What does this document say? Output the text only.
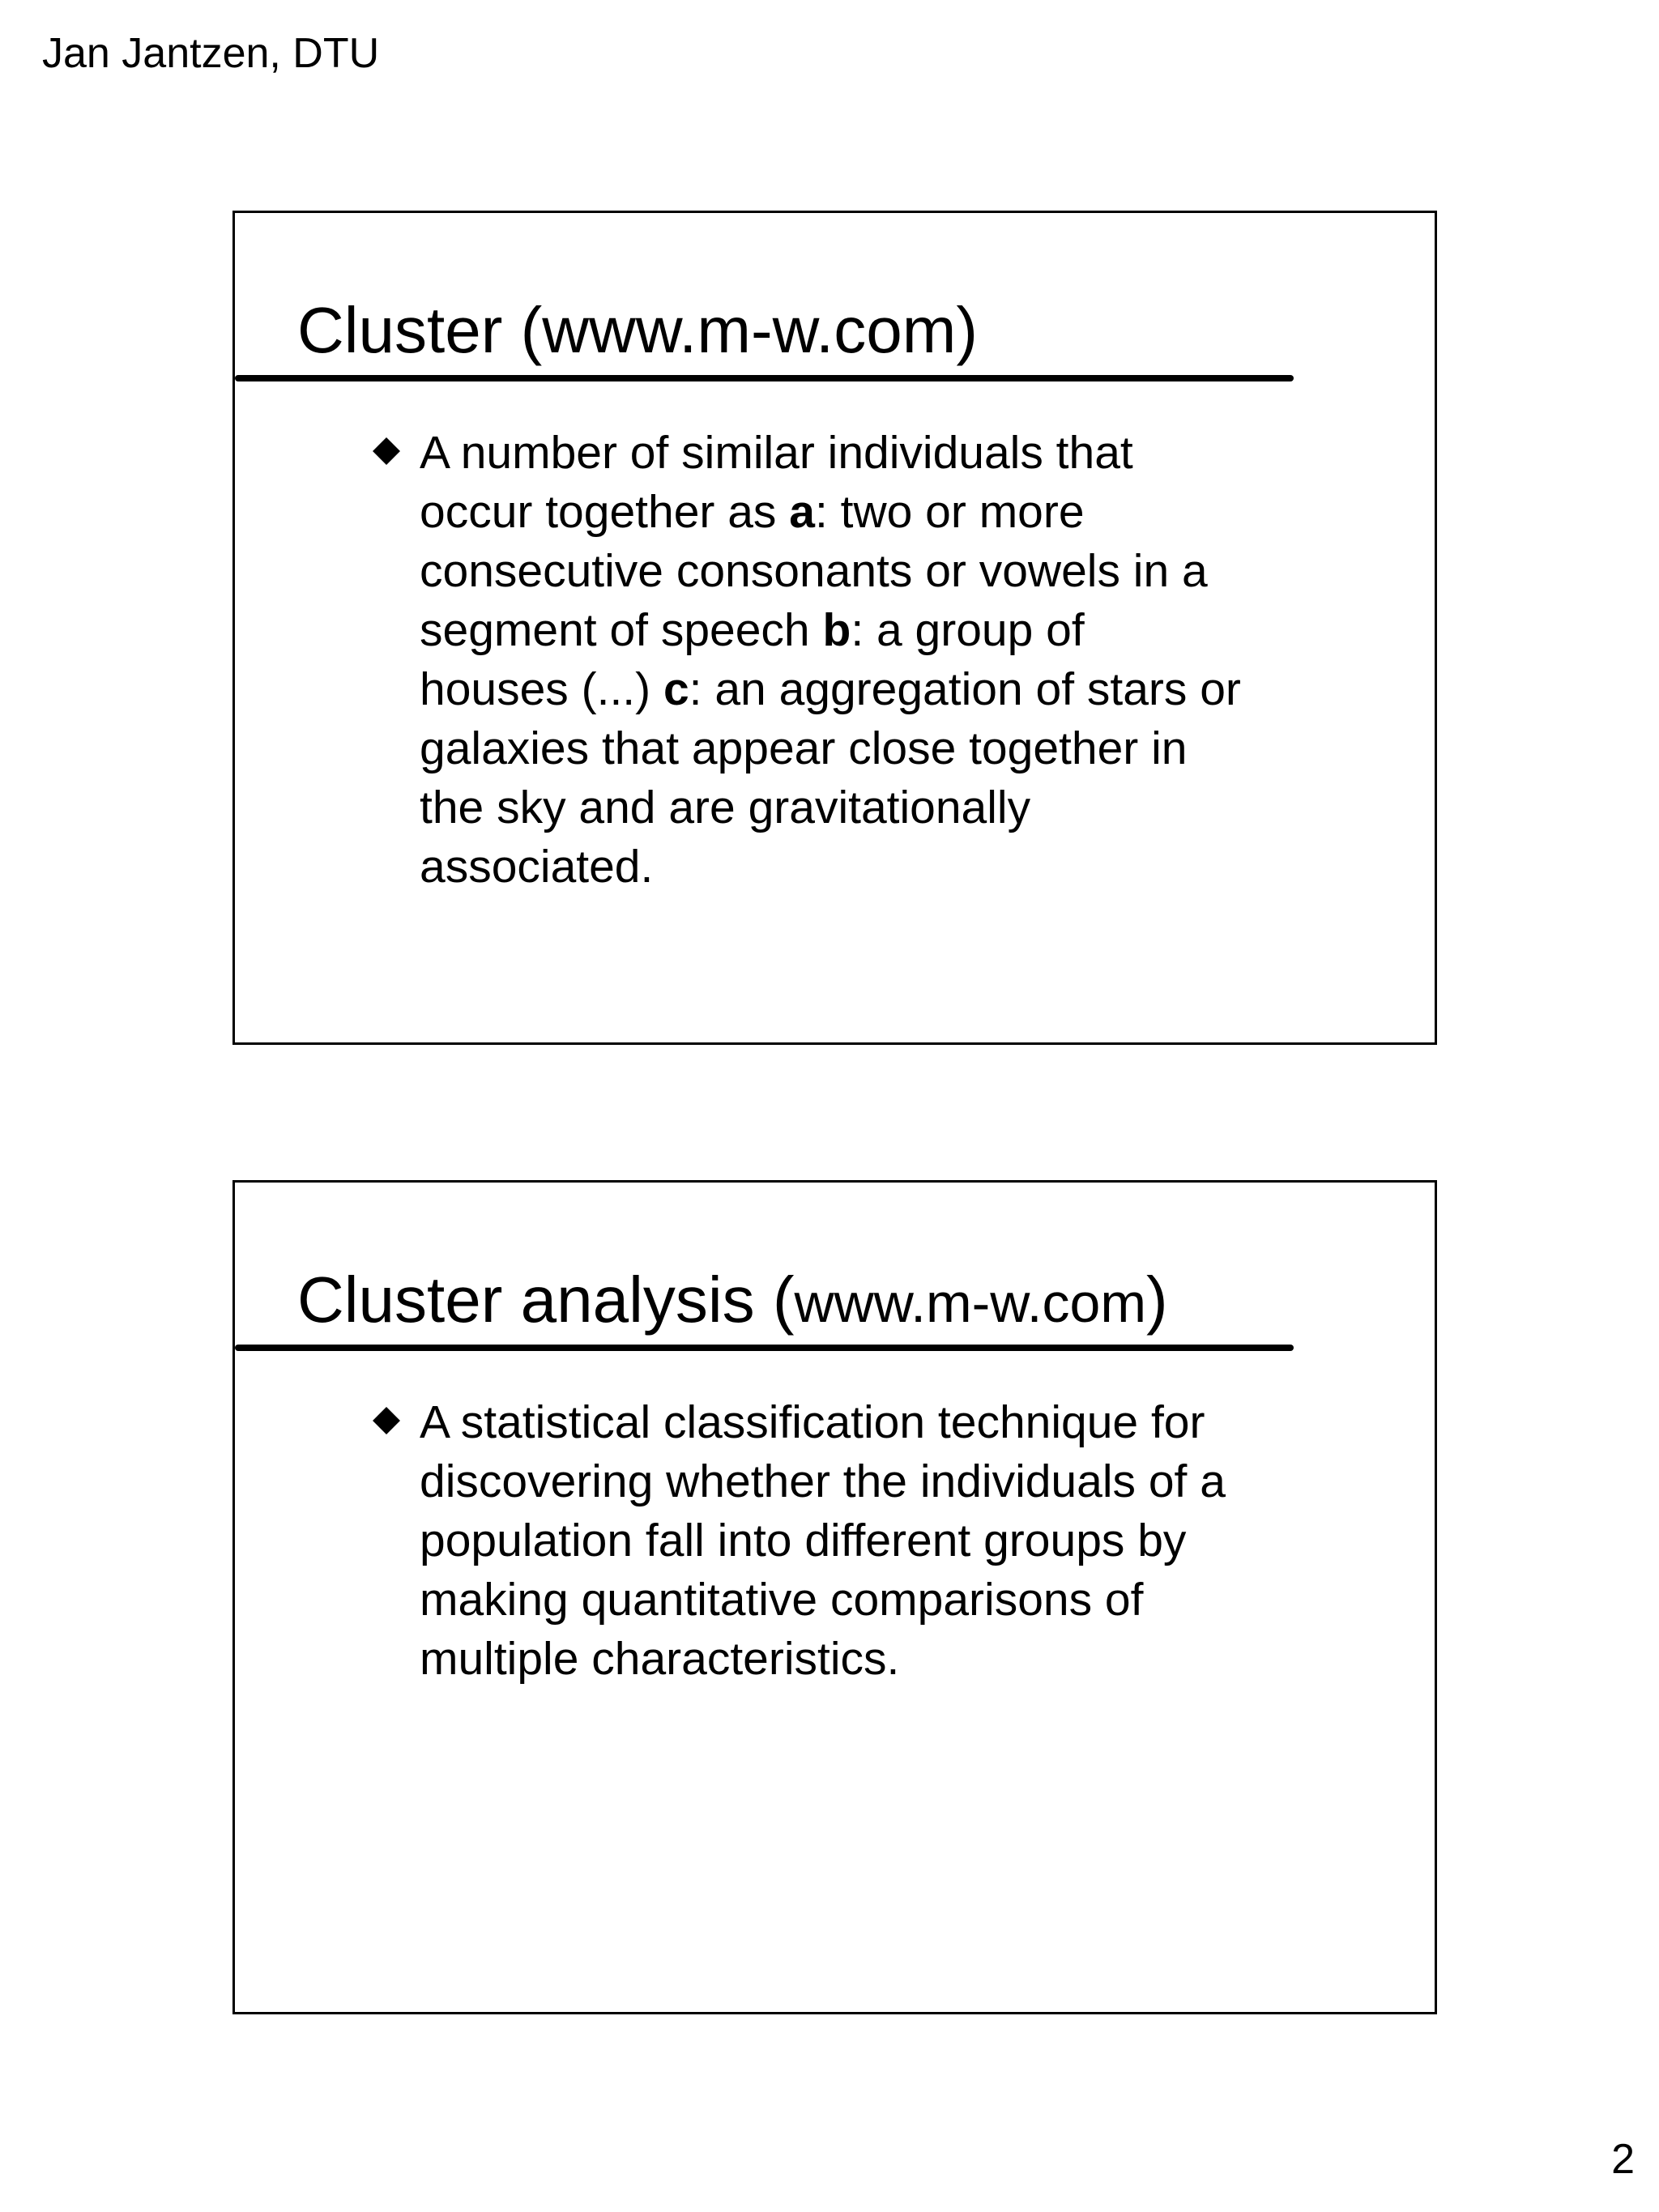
Jan Jantzen, DTU
Cluster (www.m-w.com)
A number of similar individuals that
occur together as a: two or more
consecutive consonants or vowels in a
segment of speech b: a group of
houses (...) c: an aggregation of stars or
galaxies that appear close together in
the sky and are gravitationally
associated.
Cluster analysis (www.m-w.com)
A statistical classification technique for
discovering whether the individuals of a
population fall into different groups by
making quantitative comparisons of
multiple characteristics.
2
